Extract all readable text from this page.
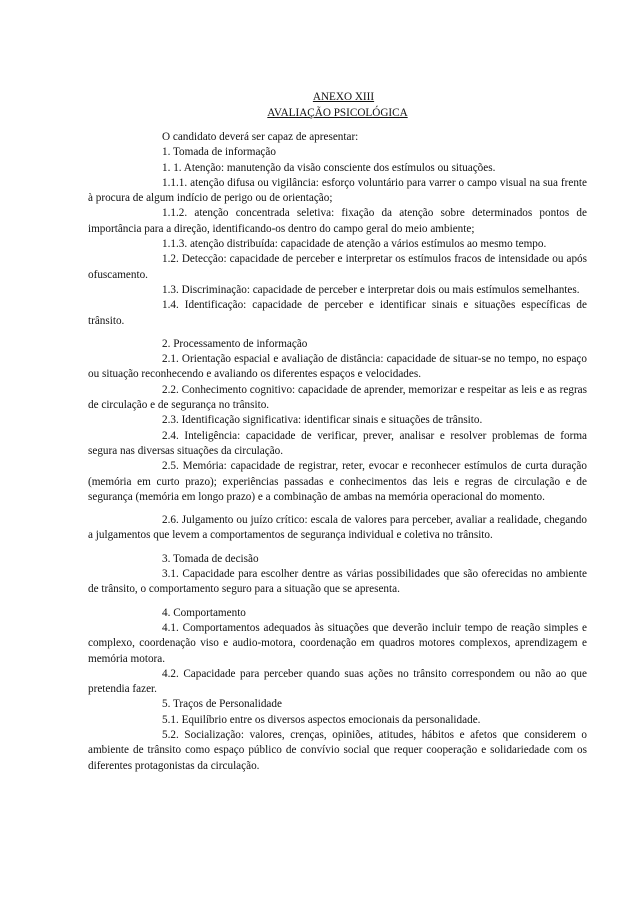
ANEXO XIII
AVALIAÇÃO PSICOLÓGICA

O candidato deverá ser capaz de apresentar:

1. Tomada de informação

1. 1. Atenção: manutenção da visão consciente dos estímulos ou situações.

1.1.1. atenção difusa ou vigilância: esforço voluntário para varrer o campo visual na sua frente à procura de algum indício de perigo ou de orientação;

1.1.2. atenção concentrada seletiva: fixação da atenção sobre determinados pontos de importância para a direção, identificando-os dentro do campo geral do meio ambiente;

1.1.3. atenção distribuída: capacidade de atenção a vários estímulos ao mesmo tempo.

1.2. Detecção: capacidade de perceber e interpretar os estímulos fracos de intensidade ou após ofuscamento.

1.3. Discriminação: capacidade de perceber e interpretar dois ou mais estímulos semelhantes.

1.4. Identificação: capacidade de perceber e identificar sinais e situações específicas de trânsito.

2. Processamento de informação

2.1. Orientação espacial e avaliação de distância: capacidade de situar-se no tempo, no espaço ou situação reconhecendo e avaliando os diferentes espaços e velocidades.

2.2. Conhecimento cognitivo: capacidade de aprender, memorizar e respeitar as leis e as regras de circulação e de segurança no trânsito.

2.3. Identificação significativa: identificar sinais e situações de trânsito.

2.4. Inteligência: capacidade de verificar, prever, analisar e resolver problemas de forma segura nas diversas situações da circulação.

2.5. Memória: capacidade de registrar, reter, evocar e reconhecer estímulos de curta duração (memória em curto prazo); experiências passadas e conhecimentos das leis e regras de circulação e de segurança (memória em longo prazo) e a combinação de ambas na memória operacional do momento.

2.6. Julgamento ou juízo crítico: escala de valores para perceber, avaliar a realidade, chegando a julgamentos que levem a comportamentos de segurança individual e coletiva no trânsito.

3. Tomada de decisão

3.1. Capacidade para escolher dentre as várias possibilidades que são oferecidas no ambiente de trânsito, o comportamento seguro para a situação que se apresenta.

4. Comportamento

4.1. Comportamentos adequados às situações que deverão incluir tempo de reação simples e complexo, coordenação viso e audio-motora, coordenação em quadros motores complexos, aprendizagem e memória motora.

4.2. Capacidade para perceber quando suas ações no trânsito correspondem ou não ao que pretendia fazer.

5. Traços de Personalidade

5.1. Equilíbrio entre os diversos aspectos emocionais da personalidade.

5.2. Socialização: valores, crenças, opiniões, atitudes, hábitos e afetos que considerem o ambiente de trânsito como espaço público de convívio social que requer cooperação e solidariedade com os diferentes protagonistas da circulação.
